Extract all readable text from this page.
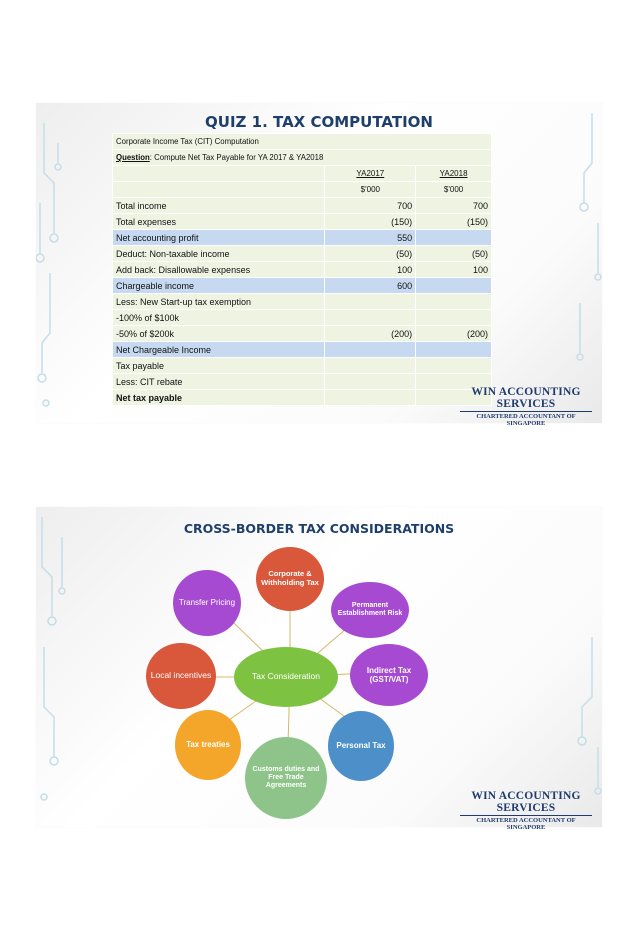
QUIZ 1. TAX COMPUTATION
Corporate Income Tax (CIT) Computation		
Question: Compute Net Tax Payable for YA 2017 & YA2018		
	YA2017	YA2018
	$'000	$'000
Total income	700	700
Total expenses	(150)	(150)
Net accounting profit	550	
Deduct: Non-taxable income	(50)	(50)
Add back: Disallowable expenses	100	100
Chargeable income	600	
Less: New Start-up tax exemption		
-100% of $100k		
-50% of $200k	(200)	(200)
Net Chargeable Income		
Tax payable		
Less: CIT rebate		
Net tax payable			WIN ACCOUNTING SERVICES
CHARTERED ACCOUNTANT OF SINGAPORE
CROSS-BORDER TAX CONSIDERATIONS
Tax Consideration
Corporate & Withholding Tax
Permanent Establishment Risk
Indirect Tax (GST/VAT)
Personal Tax
Customs duties and Free Trade Agreements
Tax treaties
Local incentives
Transfer Pricing
WIN ACCOUNTING SERVICES
CHARTERED ACCOUNTANT OF SINGAPORE
